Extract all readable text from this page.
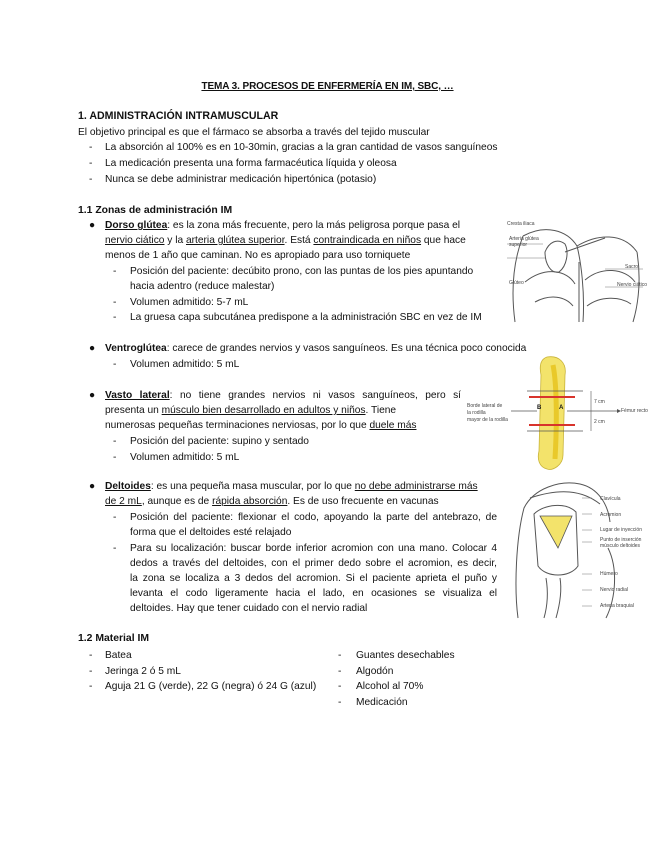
TEMA 3. PROCESOS DE ENFERMERÍA EN IM, SBC, …
1. ADMINISTRACIÓN INTRAMUSCULAR
El objetivo principal es que el fármaco se absorba a través del tejido muscular
- La absorción al 100% es en 10-30min, gracias a la gran cantidad de vasos sanguíneos
- La medicación presenta una forma farmacéutica líquida y oleosa
- Nunca se debe administrar medicación hipertónica (potasio)
1.1 Zonas de administración IM
● Dorso glútea: es la zona más frecuente, pero la más peligrosa porque pasa el
nervio ciático y la arteria glútea superior. Está contraindicada en niños que hace
menos de 1 año que caminan. No es apropiado para uso torniquete
- Posición del paciente: decúbito prono, con las puntas de los pies apuntando
hacia adentro (reduce malestar)
- Volumen admitido: 5-7 mL
- La gruesa capa subcutánea predispone a la administración SBC en vez de IM
● Ventroglútea: carece de grandes nervios y vasos sanguíneos. Es una técnica poco conocida
- Volumen admitido: 5 mL
● Vasto lateral: no tiene grandes nervios ni vasos sanguíneos, pero sí
presenta un músculo bien desarrollado en adultos y niños. Tiene
numerosas pequeñas terminaciones nerviosas, por lo que duele más
- Posición del paciente: supino y sentado
- Volumen admitido: 5 mL
● Deltoides: es una pequeña masa muscular, por lo que no debe administrarse más
de 2 mL, aunque es de rápida absorción. Es de uso frecuente en vacunas
- Posición del paciente: flexionar el codo, apoyando la parte del antebrazo, de
forma que el deltoides esté relajado
- Para su localización: buscar borde inferior acromion con una mano. Colocar 4
dedos a través del deltoides, con el primer dedo sobre el acromion, es decir,
la zona se localiza a 3 dedos del acromion. Si el paciente aprieta el puño y
levanta el codo ligeramente hacia el lado, en ocasiones se visualiza el
deltoides. Hay que tener cuidado con el nervio radial
1.2 Material IM
- Batea
- Jeringa 2 ó 5 mL
- Aguja 21 G (verde), 22 G (negra) ó 24 G (azul)
- Guantes desechables
- Algodón
- Alcohol al 70%
- Medicación
Cresta iliaca
Arteria glútea
superior
Sacro
Nervio ciático
Glúteo
Borde lateral de
la rodilla
mayor de la rodilla
B	A
7 cm
2 cm
Fémur recto
Clavícula
Acromion
Lugar de inyección
Punto de inserción
músculo deltoides
Húmero
Nervio radial
Arteria braquial
